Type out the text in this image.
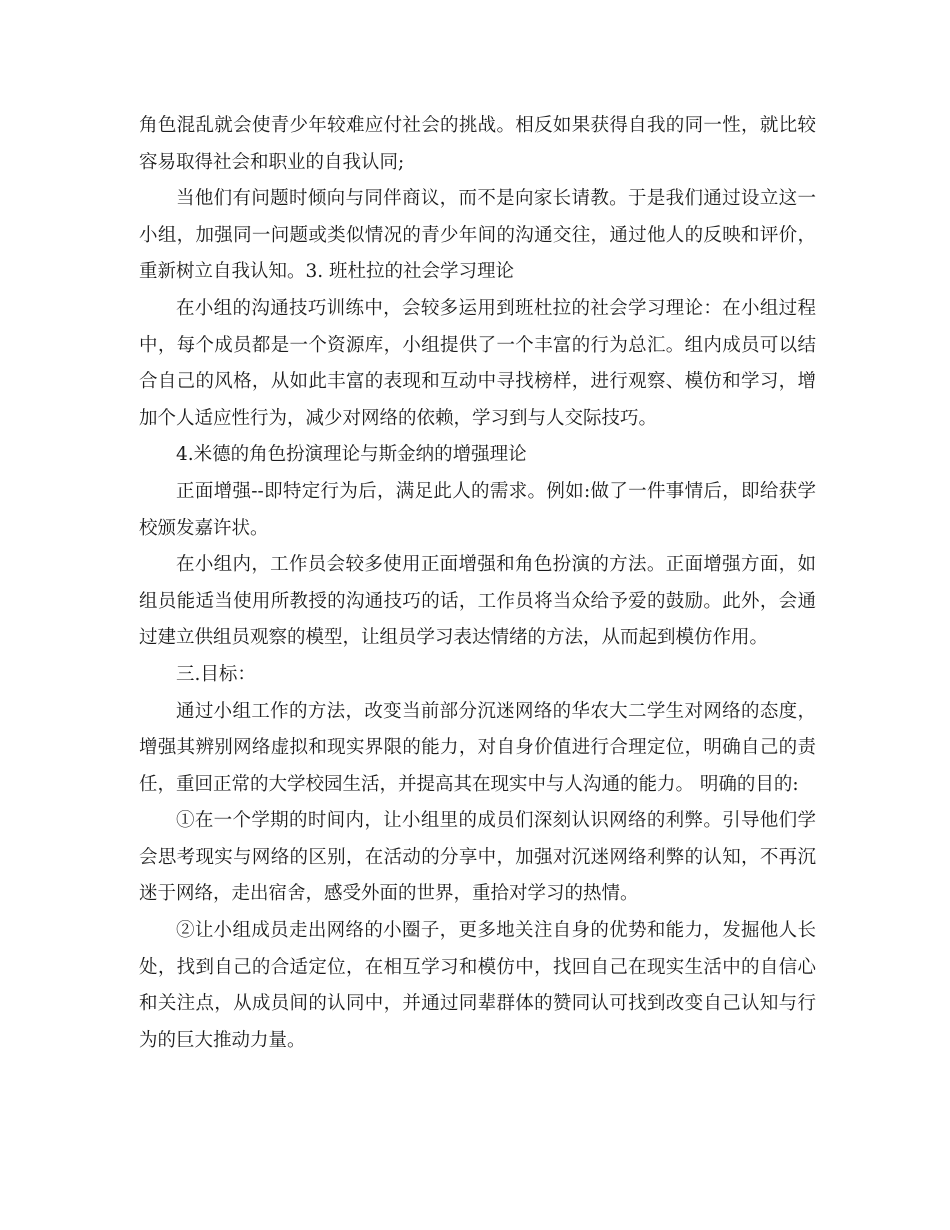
角色混乱就会使青少年较难应付社会的挑战。相反如果获得自我的同一性，就比较容易取得社会和职业的自我认同;

当他们有问题时倾向与同伴商议，而不是向家长请教。于是我们通过设立这一小组，加强同一问题或类似情况的青少年间的沟通交往，通过他人的反映和评价，重新树立自我认知。3. 班杜拉的社会学习理论

在小组的沟通技巧训练中，会较多运用到班杜拉的社会学习理论：在小组过程中，每个成员都是一个资源库，小组提供了一个丰富的行为总汇。组内成员可以结合自己的风格，从如此丰富的表现和互动中寻找榜样，进行观察、模仿和学习，增加个人适应性行为，减少对网络的依赖，学习到与人交际技巧。

4.米德的角色扮演理论与斯金纳的增强理论

正面增强--即特定行为后，满足此人的需求。例如:做了一件事情后，即给获学校颁发嘉许状。

在小组内，工作员会较多使用正面增强和角色扮演的方法。正面增强方面，如组员能适当使用所教授的沟通技巧的话，工作员将当众给予爱的鼓励。此外，会通过建立供组员观察的模型，让组员学习表达情绪的方法，从而起到模仿作用。

三.目标：

通过小组工作的方法，改变当前部分沉迷网络的华农大二学生对网络的态度，增强其辨别网络虚拟和现实界限的能力，对自身价值进行合理定位，明确自己的责任，重回正常的大学校园生活，并提高其在现实中与人沟通的能力。 明确的目的:

①在一个学期的时间内，让小组里的成员们深刻认识网络的利弊。引导他们学会思考现实与网络的区别，在活动的分享中，加强对沉迷网络利弊的认知，不再沉迷于网络，走出宿舍，感受外面的世界，重拾对学习的热情。

②让小组成员走出网络的小圈子，更多地关注自身的优势和能力，发掘他人长处，找到自己的合适定位，在相互学习和模仿中，找回自己在现实生活中的自信心和关注点，从成员间的认同中，并通过同辈群体的赞同认可找到改变自己认知与行为的巨大推动力量。
